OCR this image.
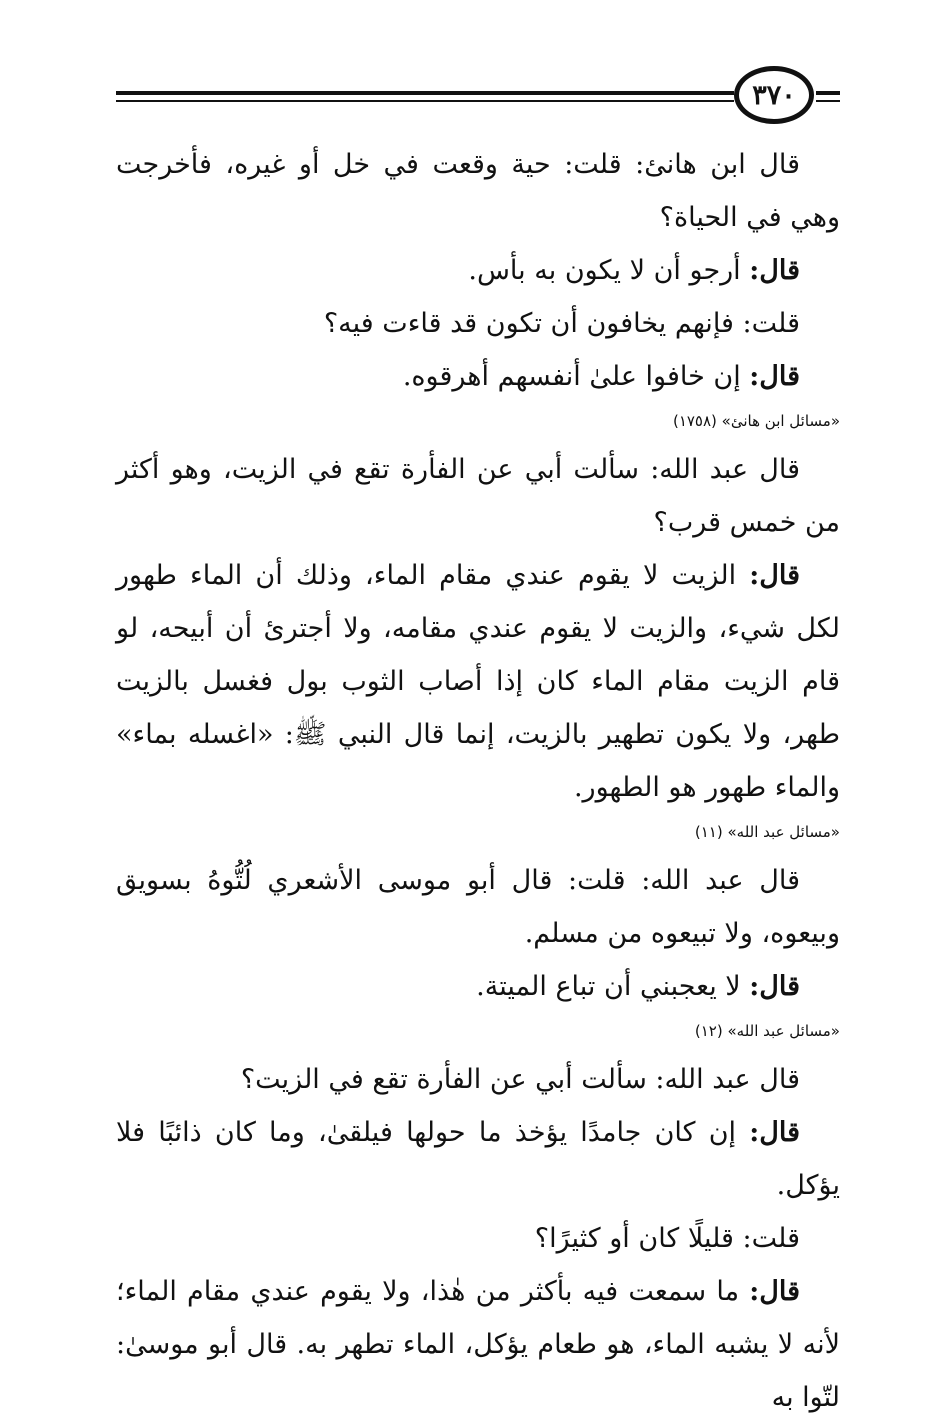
٣٧٠

قال ابن هانئ: قلت: حية وقعت في خل أو غيره، فأخرجت وهي في الحياة؟

قال: أرجو أن لا يكون به بأس.

قلت: فإنهم يخافون أن تكون قد قاءت فيه؟

قال: إن خافوا علىٰ أنفسهم أهرقوه.

«مسائل ابن هانئ» (١٧٥٨)

قال عبد الله: سألت أبي عن الفأرة تقع في الزيت، وهو أكثر من خمس قرب؟

قال: الزيت لا يقوم عندي مقام الماء، وذلك أن الماء طهور لكل شيء، والزيت لا يقوم عندي مقامه، ولا أجترئ أن أبيحه، لو قام الزيت مقام الماء كان إذا أصاب الثوب بول فغسل بالزيت طهر، ولا يكون تطهير بالزيت، إنما قال النبي ﷺ: «اغسله بماء» والماء طهور هو الطهور.

«مسائل عبد الله» (١١)

قال عبد الله: قلت: قال أبو موسى الأشعري لُتُّوهُ بسويق وبيعوه، ولا تبيعوه من مسلم.

قال: لا يعجبني أن تباع الميتة.

«مسائل عبد الله» (١٢)

قال عبد الله: سألت أبي عن الفأرة تقع في الزيت؟

قال: إن كان جامدًا يؤخذ ما حولها فيلقىٰ، وما كان ذائبًا فلا يؤكل.

قلت: قليلًا كان أو كثيرًا؟

قال: ما سمعت فيه بأكثر من هٰذا، ولا يقوم عندي مقام الماء؛ لأنه لا يشبه الماء، هو طعام يؤكل، الماء تطهر به. قال أبو موسىٰ: لتّوا به
